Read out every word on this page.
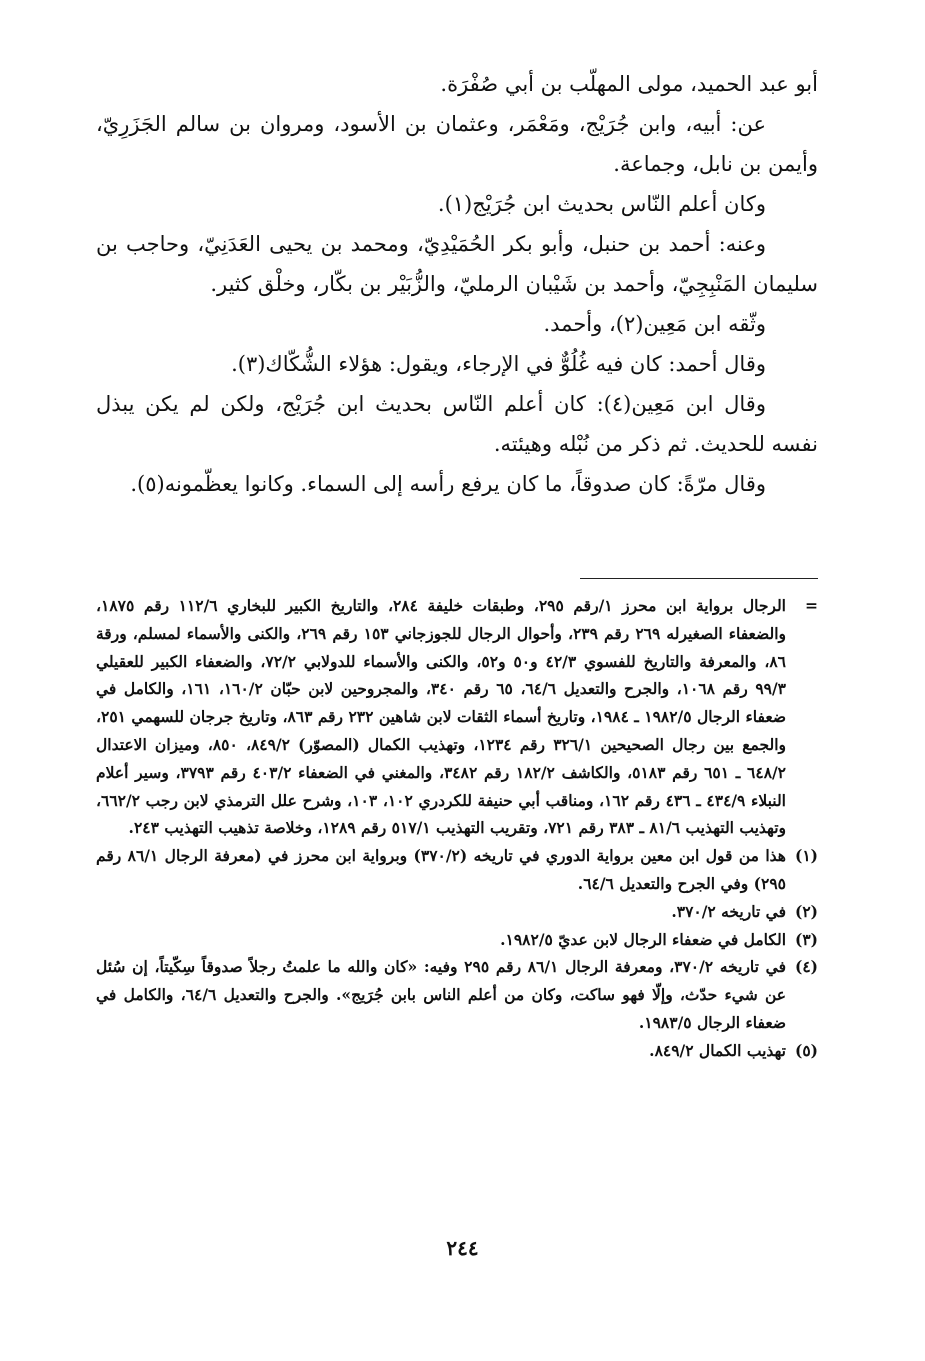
أبو عبد الحميد، مولى المهلّب بن أبي صُفْرَة.

عن: أبيه، وابن جُرَيْج، ومَعْمَر، وعثمان بن الأسود، ومروان بن سالم الجَزَرِيّ، وأيمن بن نابل، وجماعة.

وكان أعلم النّاس بحديث ابن جُرَيْج(١).

وعنه: أحمد بن حنبل، وأبو بكر الحُمَيْدِيّ، ومحمد بن يحيى العَدَنِيّ، وحاجب بن سليمان المَنْبِجِيّ، وأحمد بن شَيْبان الرمليّ، والزُّبَيْر بن بكّار، وخلْق كثير.

وثّقه ابن مَعِين(٢)، وأحمد.

وقال أحمد: كان فيه غُلُوٌّ في الإرجاء، ويقول: هؤلاء الشُّكّاك(٣).

وقال ابن مَعِين(٤): كان أعلم النّاس بحديث ابن جُرَيْج، ولكن لم يكن يبذل نفسه للحديث. ثم ذكر من نُبْله وهيئته.

وقال مرّةً: كان صدوقاً، ما كان يرفع رأسه إلى السماء. وكانوا يعظّمونه(٥).

=
الرجال برواية ابن محرز ١/رقم ٢٩٥، وطبقات خليفة ٢٨٤، والتاريخ الكبير للبخاري ١١٢/٦ رقم ١٨٧٥، والضعفاء الصغيرله ٢٦٩ رقم ٢٣٩، وأحوال الرجال للجوزجاني ١٥٣ رقم ٢٦٩، والكنى والأسماء لمسلم، ورقة ٨٦، والمعرفة والتاريخ للفسوي ٤٢/٣ و٥٠ و٥٢، والكنى والأسماء للدولابي ٧٢/٢، والضعفاء الكبير للعقيلي ٩٩/٣ رقم ١٠٦٨، والجرح والتعديل ٦٤/٦، ٦٥ رقم ٣٤٠، والمجروحين لابن حبّان ١٦٠/٢، ١٦١، والكامل في ضعفاء الرجال ١٩٨٢/٥ ـ ١٩٨٤، وتاريخ أسماء الثقات لابن شاهين ٢٣٢ رقم ٨٦٣، وتاريخ جرجان للسهمي ٢٥١، والجمع بين رجال الصحيحين ٣٢٦/١ رقم ١٢٣٤، وتهذيب الكمال (المصوّر) ٨٤٩/٢، ٨٥٠، وميزان الاعتدال ٦٤٨/٢ ـ ٦٥١ رقم ٥١٨٣، والكاشف ١٨٢/٢ رقم ٣٤٨٢، والمغني في الضعفاء ٤٠٣/٢ رقم ٣٧٩٣، وسير أعلام النبلاء ٤٣٤/٩ ـ ٤٣٦ رقم ١٦٢، ومناقب أبي حنيفة للكردري ١٠٢، ١٠٣، وشرح علل الترمذي لابن رجب ٦٦٢/٢، وتهذيب التهذيب ٨١/٦ ـ ٣٨٣ رقم ٧٢١، وتقريب التهذيب ٥١٧/١ رقم ١٢٨٩، وخلاصة تذهيب التهذيب ٢٤٣.
(١)
هذا من قول ابن معين برواية الدوري في تاريخه (٣٧٠/٢) وبرواية ابن محرز في (معرفة الرجال ٨٦/١ رقم ٢٩٥) وفي الجرح والتعديل ٦٤/٦.
(٢)
في تاريخه ٣٧٠/٢.
(٣)
الكامل في ضعفاء الرجال لابن عديّ ١٩٨٢/٥.
(٤)
في تاريخه ٣٧٠/٢، ومعرفة الرجال ٨٦/١ رقم ٢٩٥ وفيه: «كان والله ما علمتُ رجلاً صدوقاً سِكّيتاً، إن سُئل عن شيء حدّث، وإلّا فهو ساكت، وكان من أعلم الناس بابن جُرَيج». والجرح والتعديل ٦٤/٦، والكامل في ضعفاء الرجال ١٩٨٣/٥.
(٥)
تهذيب الكمال ٨٤٩/٢.
٢٤٤
